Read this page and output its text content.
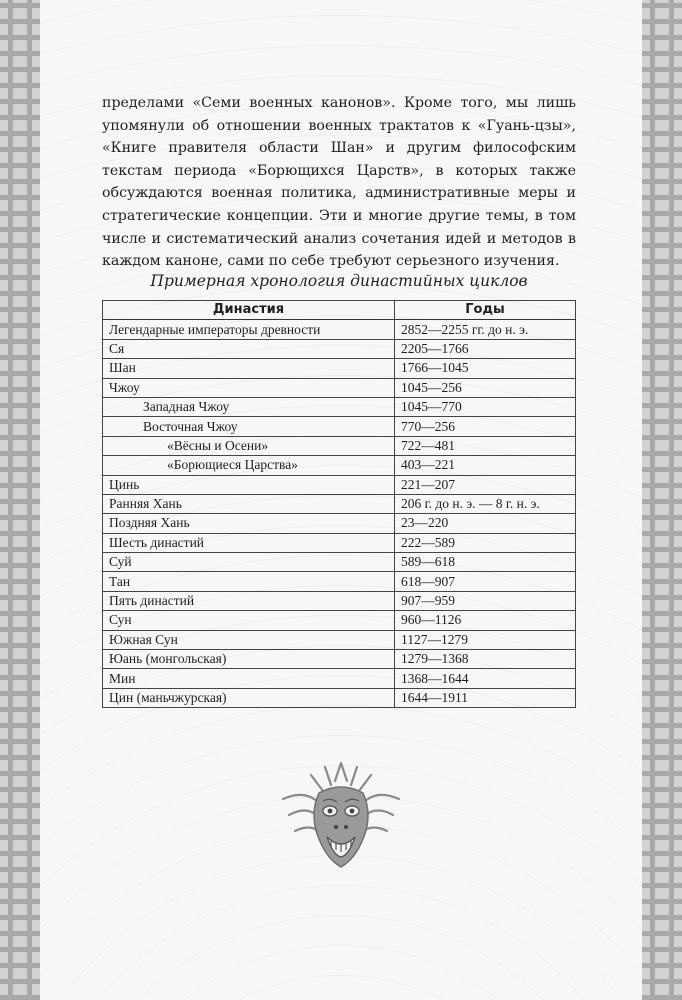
пределами «Семи военных канонов». Кроме того, мы лишь упомянули об отношении военных трактатов к «Гуань-цзы», «Книге правителя области Шан» и другим философским текстам периода «Борющихся Царств», в которых также обсуждаются военная политика, административные меры и стратегические концепции. Эти и многие другие темы, в том числе и систематический анализ сочетания идей и методов в каждом каноне, сами по себе требуют серьезного изучения.

Примерная хронология династийных циклов
Династия	Годы
Легендарные императоры древности	2852—2255 гг. до н. э.
Ся	2205—1766
Шан	1766—1045
Чжоу	1045—256
Западная Чжоу	1045—770
Восточная Чжоу	770—256
«Вёсны и Осени»	722—481
«Борющиеся Царства»	403—221
Цинь	221—207
Ранняя Хань	206 г. до н. э. — 8 г. н. э.
Поздняя Хань	23—220
Шесть династий	222—589
Суй	589—618
Тан	618—907
Пять династий	907—959
Сун	960—1126
Южная Сун	1127—1279
Юань (монгольская)	1279—1368
Мин	1368—1644
Цин (маньчжурская)	1644—1911
